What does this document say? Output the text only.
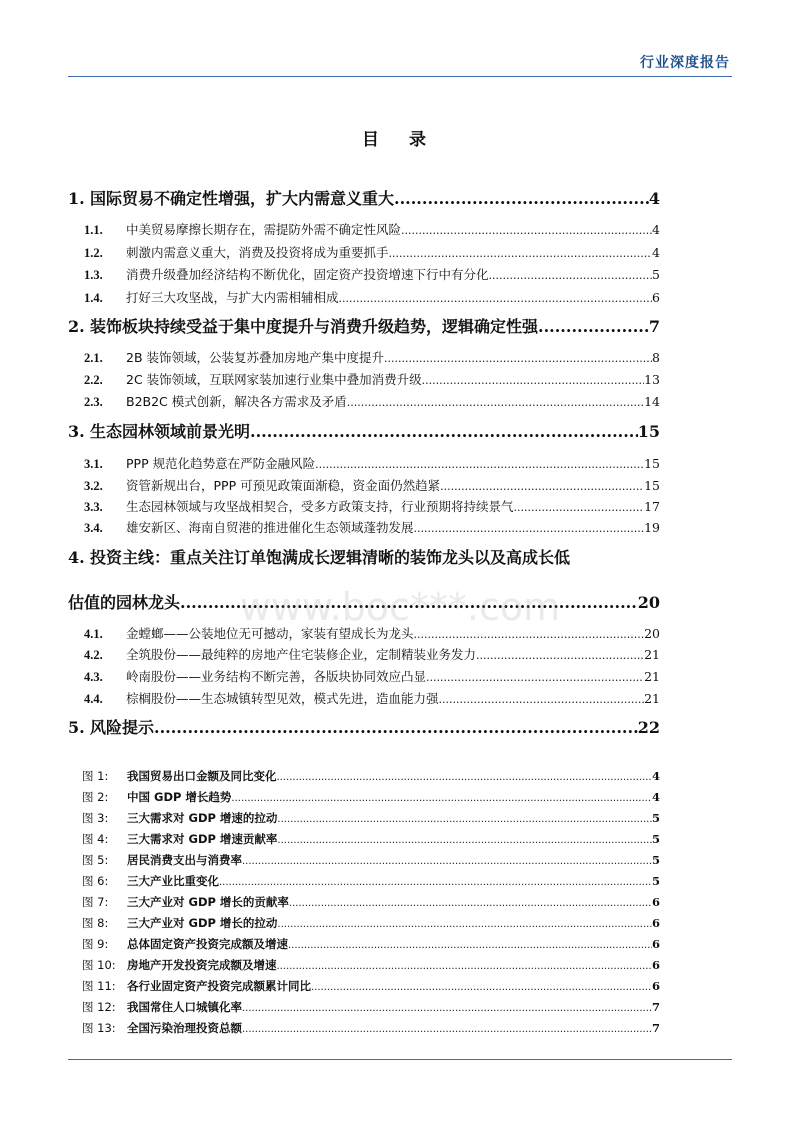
行业深度报告
目 录
1. 国际贸易不确定性增强，扩大内需意义重大 .....	4
1.1.	中美贸易摩擦长期存在，需提防外需不确定性风险 .....	4
1.2.	刺激内需意义重大，消费及投资将成为重要抓手 .....	4
1.3.	消费升级叠加经济结构不断优化，固定资产投资增速下行中有分化 .....	5
1.4.	打好三大攻坚战，与扩大内需相辅相成 .....	6
2. 装饰板块持续受益于集中度提升与消费升级趋势，逻辑确定性强 .....	7
2.1.	2B 装饰领域，公装复苏叠加房地产集中度提升 .....	8
2.2.	2C 装饰领域，互联网家装加速行业集中叠加消费升级 .....	13
2.3.	B2B2C 模式创新，解决各方需求及矛盾 .....	14
3. 生态园林领域前景光明 .....	15
3.1.	PPP 规范化趋势意在严防金融风险 .....	15
3.2.	资管新规出台，PPP 可预见政策面渐稳，资金面仍然趋紧 .....	15
3.3.	生态园林领域与攻坚战相契合，受多方政策支持，行业预期将持续景气 .....	17
3.4.	雄安新区、海南自贸港的推进催化生态领域蓬勃发展 .....	19
4. 投资主线：重点关注订单饱满成长逻辑清晰的装饰龙头以及高成长低
估值的园林龙头 .....	20
4.1.	金螳螂——公装地位无可撼动，家装有望成长为龙头 .....	20
4.2.	全筑股份——最纯粹的房地产住宅装修企业，定制精装业务发力 .....	21
4.3.	岭南股份——业务结构不断完善，各版块协同效应凸显 .....	21
4.4.	棕榈股份——生态城镇转型见效，模式先进，造血能力强 .....	21
5. 风险提示 .....	22
图 1:	我国贸易出口金额及同比变化 .....	4
图 2:	中国 GDP 增长趋势 .....	4
图 3:	三大需求对 GDP 增速的拉动 .....	5
图 4:	三大需求对 GDP 增速贡献率 .....	5
图 5:	居民消费支出与消费率 .....	5
图 6:	三大产业比重变化 .....	5
图 7:	三大产业对 GDP 增长的贡献率 .....	6
图 8:	三大产业对 GDP 增长的拉动 .....	6
图 9:	总体固定资产投资完成额及增速 .....	6
图 10: 房地产开发投资完成额及增速 .....	6
图 11: 各行业固定资产投资完成额累计同比 .....	6
图 12: 我国常住人口城镇化率 .....	7
图 13: 全国污染治理投资总额 .....	7
www.boc***.com
